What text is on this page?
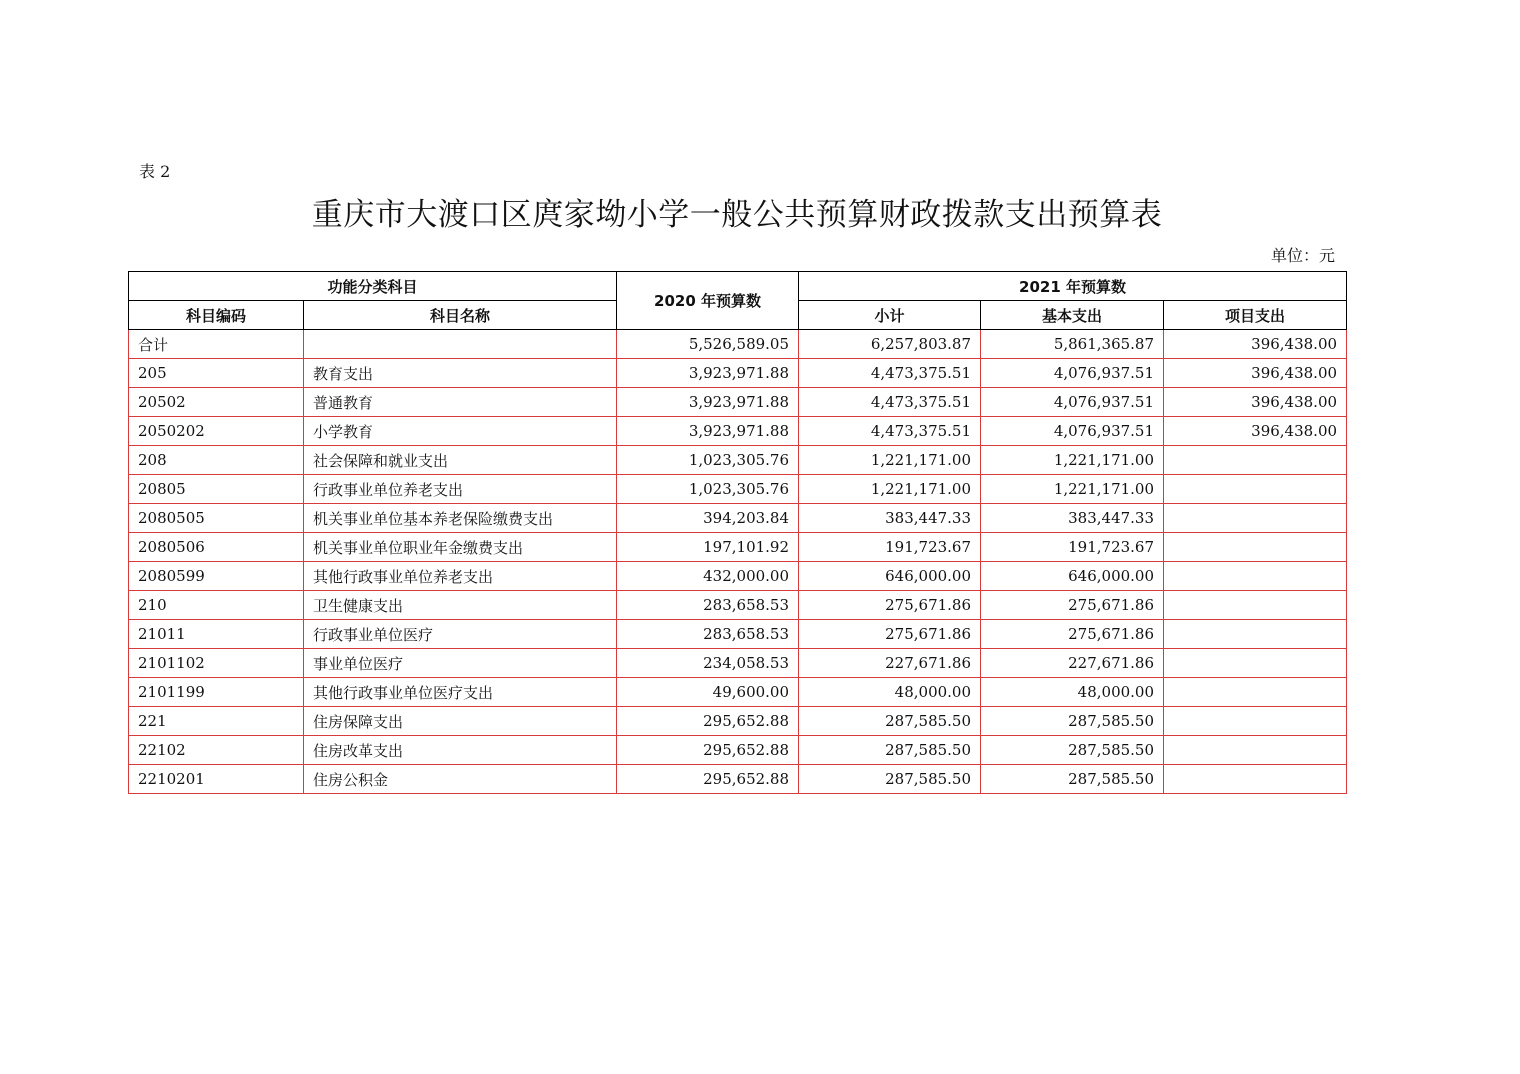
表 2
重庆市大渡口区庹家坳小学一般公共预算财政拨款支出预算表
单位：元
功能分类科目		2020 年预算数	2021 年预算数		
科目编码	科目名称		小计	基本支出	项目支出
合计		5,526,589.05	6,257,803.87	5,861,365.87	396,438.00
205	教育支出	3,923,971.88	4,473,375.51	4,076,937.51	396,438.00
20502	普通教育	3,923,971.88	4,473,375.51	4,076,937.51	396,438.00
2050202	小学教育	3,923,971.88	4,473,375.51	4,076,937.51	396,438.00
208	社会保障和就业支出	1,023,305.76	1,221,171.00	1,221,171.00	
20805	行政事业单位养老支出	1,023,305.76	1,221,171.00	1,221,171.00	
2080505	机关事业单位基本养老保险缴费支出	394,203.84	383,447.33	383,447.33	
2080506	机关事业单位职业年金缴费支出	197,101.92	191,723.67	191,723.67	
2080599	其他行政事业单位养老支出	432,000.00	646,000.00	646,000.00	
210	卫生健康支出	283,658.53	275,671.86	275,671.86	
21011	行政事业单位医疗	283,658.53	275,671.86	275,671.86	
2101102	事业单位医疗	234,058.53	227,671.86	227,671.86	
2101199	其他行政事业单位医疗支出	49,600.00	48,000.00	48,000.00	
221	住房保障支出	295,652.88	287,585.50	287,585.50	
22102	住房改革支出	295,652.88	287,585.50	287,585.50	
2210201	住房公积金	295,652.88	287,585.50	287,585.50	
